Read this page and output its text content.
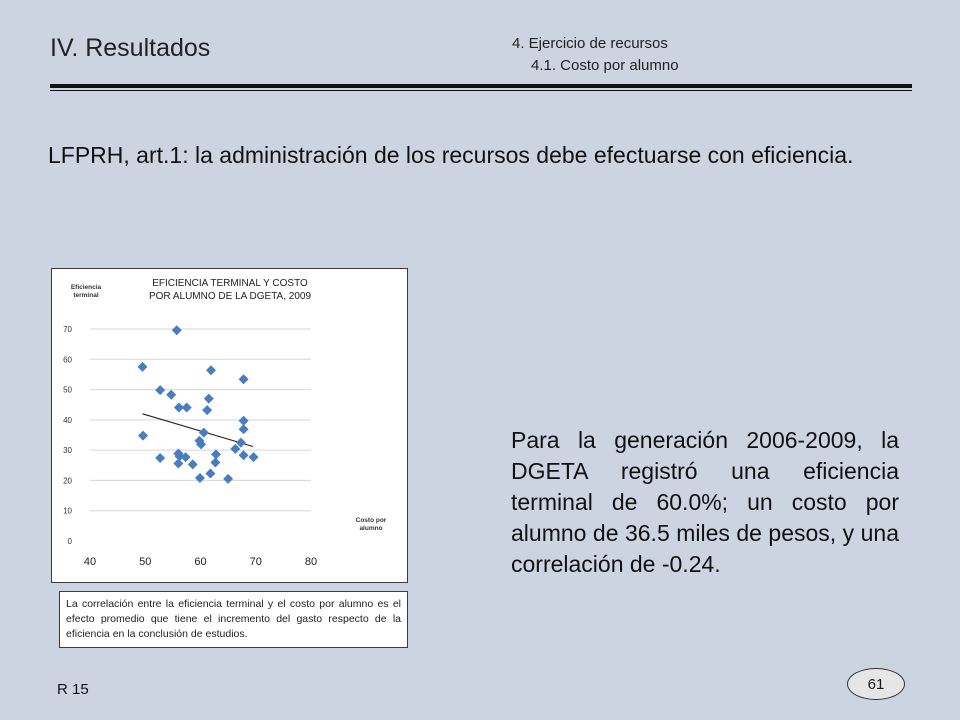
IV. Resultados	4. Ejercicio de recursos
4.1. Costo por alumno
LFPRH, art.1: la administración de los recursos debe efectuarse con eficiencia.
0
10
20
30
40
50
60
70
40	50	60	70	80
Eficiencia
terminal
Costo por
alumno
EFICIENCIA TERMINAL Y COSTO
POR ALUMNO DE LA DGETA, 2009
La correlación entre la eficiencia terminal y el costo por alumno es el efecto promedio que tiene el incremento del gasto respecto de la eficiencia en la conclusión de estudios.
Para la generación 2006-2009, la DGETA registró una eficiencia terminal de 60.0%; un costo por alumno de 36.5 miles de pesos, y una correlación de -0.24.
61
R 15
